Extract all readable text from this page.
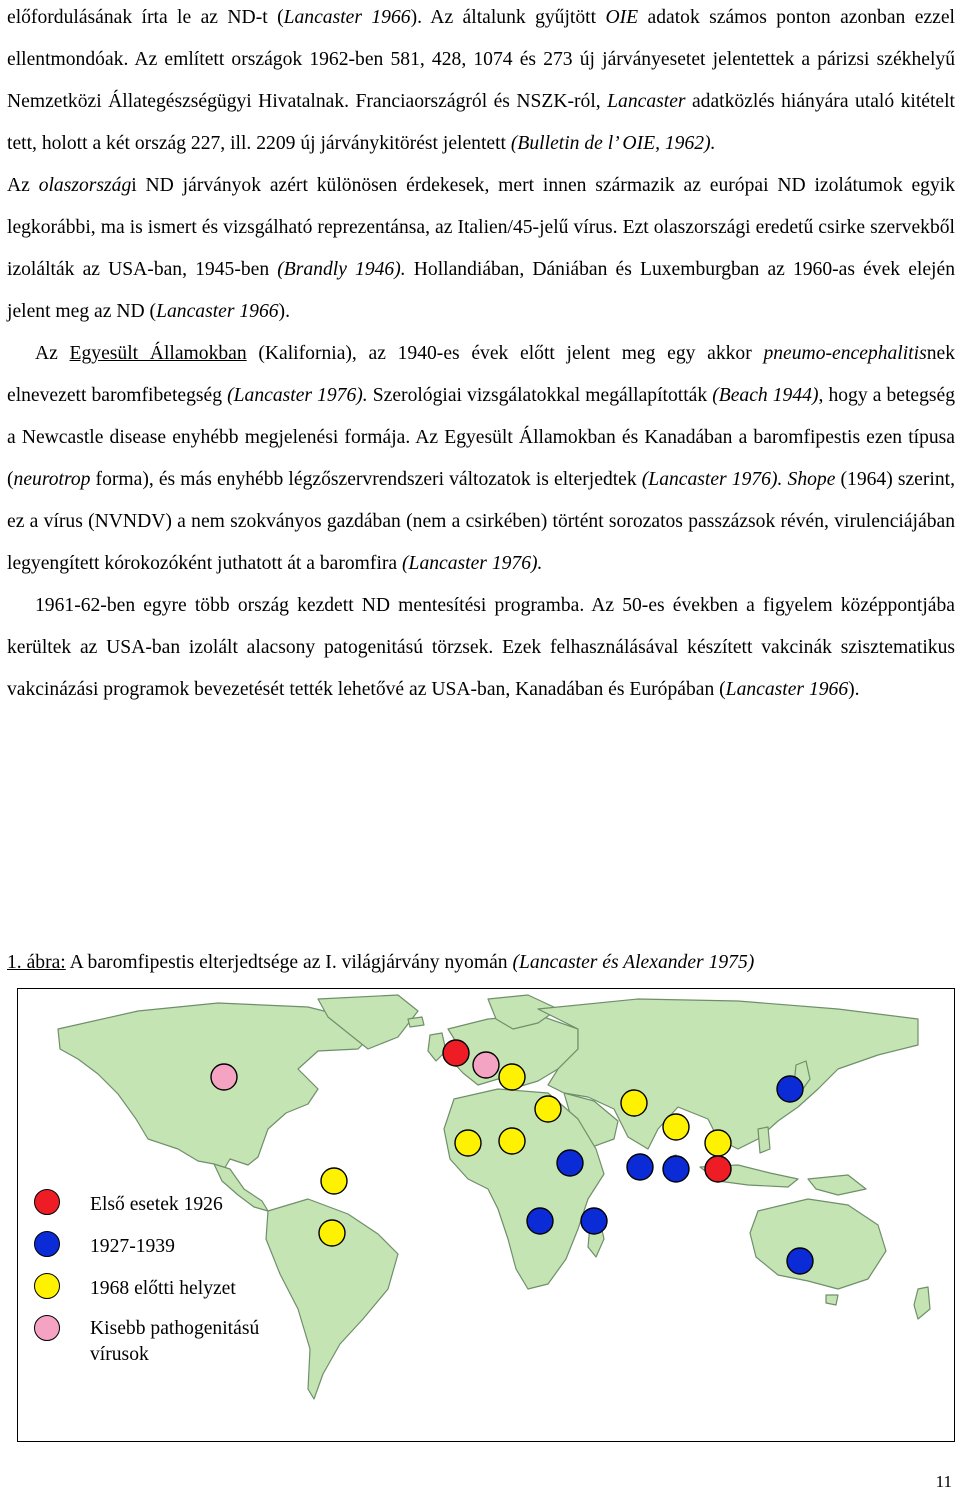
előfordulásának írta le az ND-t (Lancaster 1966). Az általunk gyűjtött OIE adatok számos ponton azonban ezzel ellentmondóak. Az említett országok 1962-ben 581, 428, 1074 és 273 új járványesetet jelentettek a párizsi székhelyű Nemzetközi Állategészségügyi Hivatalnak. Franciaországról és NSZK-ról, Lancaster adatközlés hiányára utaló kitételt tett, holott a két ország 227, ill. 2209 új járványkitörést jelentett (Bulletin de l’ OIE, 1962).

Az olaszországi ND járványok azért különösen érdekesek, mert innen származik az európai ND izolátumok egyik legkorábbi, ma is ismert és vizsgálható reprezentánsa, az Italien/45-jelű vírus. Ezt olaszországi eredetű csirke szervekből izolálták az USA-ban, 1945-ben (Brandly 1946). Hollandiában, Dániában és Luxemburgban az 1960-as évek elején jelent meg az ND (Lancaster 1966).

Az Egyesült Államokban (Kalifornia), az 1940-es évek előtt jelent meg egy akkor pneumo-encephalitisnek elnevezett baromfibetegség (Lancaster 1976). Szerológiai vizsgálatokkal megállapították (Beach 1944), hogy a betegség a Newcastle disease enyhébb megjelenési formája. Az Egyesült Államokban és Kanadában a baromfipestis ezen típusa (neurotrop forma), és más enyhébb légzőszervrendszeri változatok is elterjedtek (Lancaster 1976). Shope (1964) szerint, ez a vírus (NVNDV) a nem szokványos gazdában (nem a csirkében) történt sorozatos passzázsok révén, virulenciájában legyengített kórokozóként juthatott át a baromfira (Lancaster 1976).

1961-62-ben egyre több ország kezdett ND mentesítési programba. Az 50-es években a figyelem középpontjába kerültek az USA-ban izolált alacsony patogenitású törzsek. Ezek felhasználásával készített vakcinák szisztematikus vakcinázási programok bevezetését tették lehetővé az USA-ban, Kanadában és Európában (Lancaster 1966).

1. ábra: A baromfipestis elterjedtsége az I. világjárvány nyomán (Lancaster és Alexander 1975)
Első esetek 1926
1927-1939
1968 előtti helyzet
Kisebb pathogenitású vírusok
11
